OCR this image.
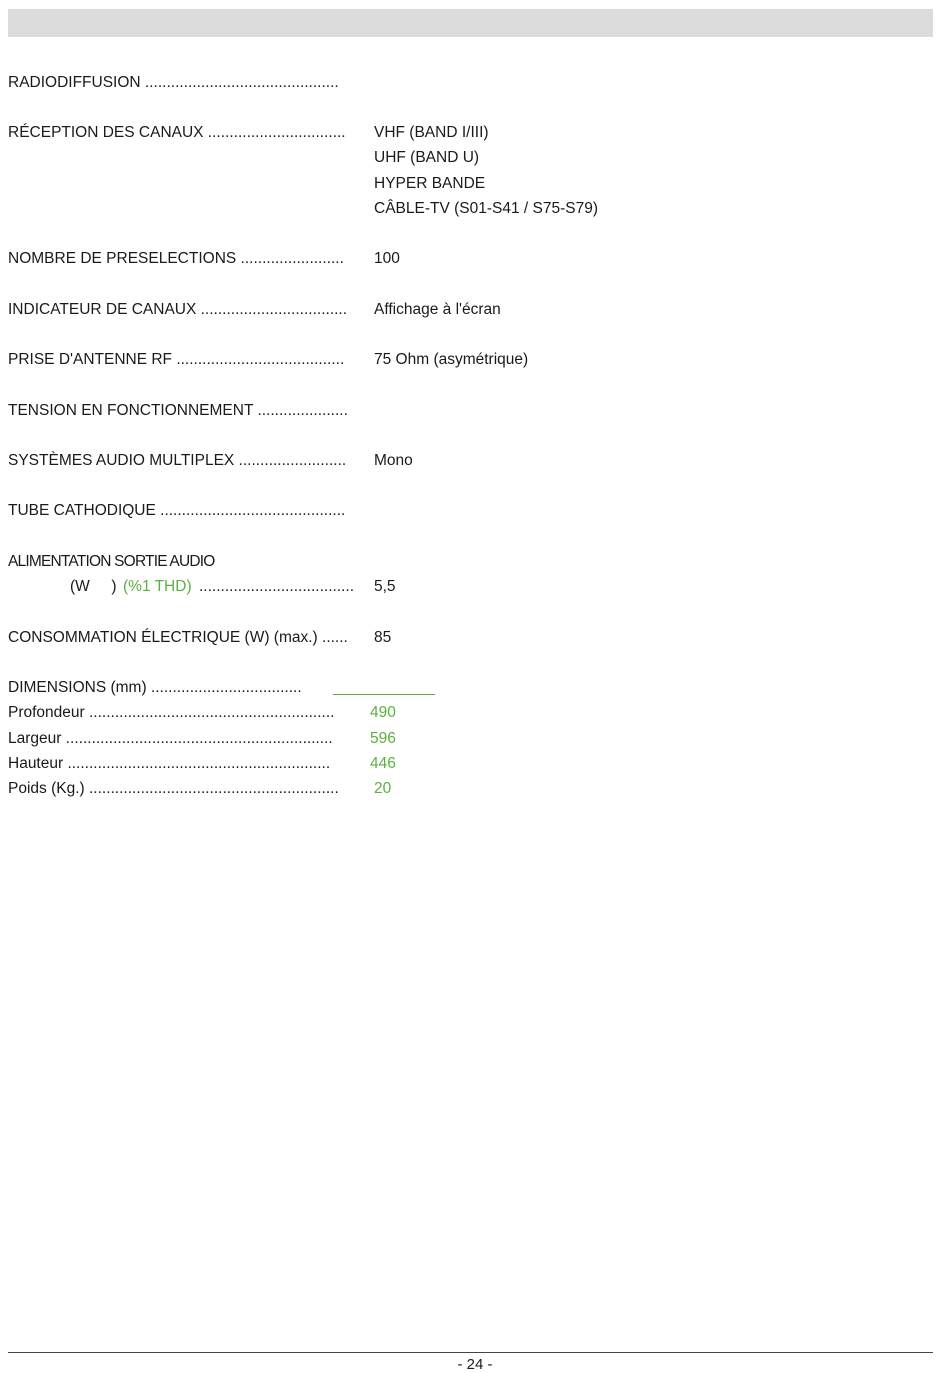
RADIODIFFUSION .............................................
RÉCEPTION DES CANAUX ................................ VHF (BAND I/III)
UHF (BAND U)
HYPER BANDE
CÂBLE-TV (S01-S41 / S75-S79)
NOMBRE DE PRESELECTIONS ........................ 100
INDICATEUR DE CANAUX .................................. Affichage à l'écran
PRISE D'ANTENNE RF ....................................... 75 Ohm (asymétrique)
TENSION EN FONCTIONNEMENT .....................
SYSTÈMES AUDIO MULTIPLEX ......................... Mono
TUBE CATHODIQUE ...........................................
ALIMENTATION SORTIE AUDIO
(W     ) (%1 THD) .................................... 5,5
CONSOMMATION ÉLECTRIQUE (W) (max.) ...... 85
DIMENSIONS (mm) ...................................
Profondeur ......................................................... 490
Largeur .............................................................. 596
Hauteur .............................................................	446
Poids (Kg.) .......................................................... 20
- 24 -
